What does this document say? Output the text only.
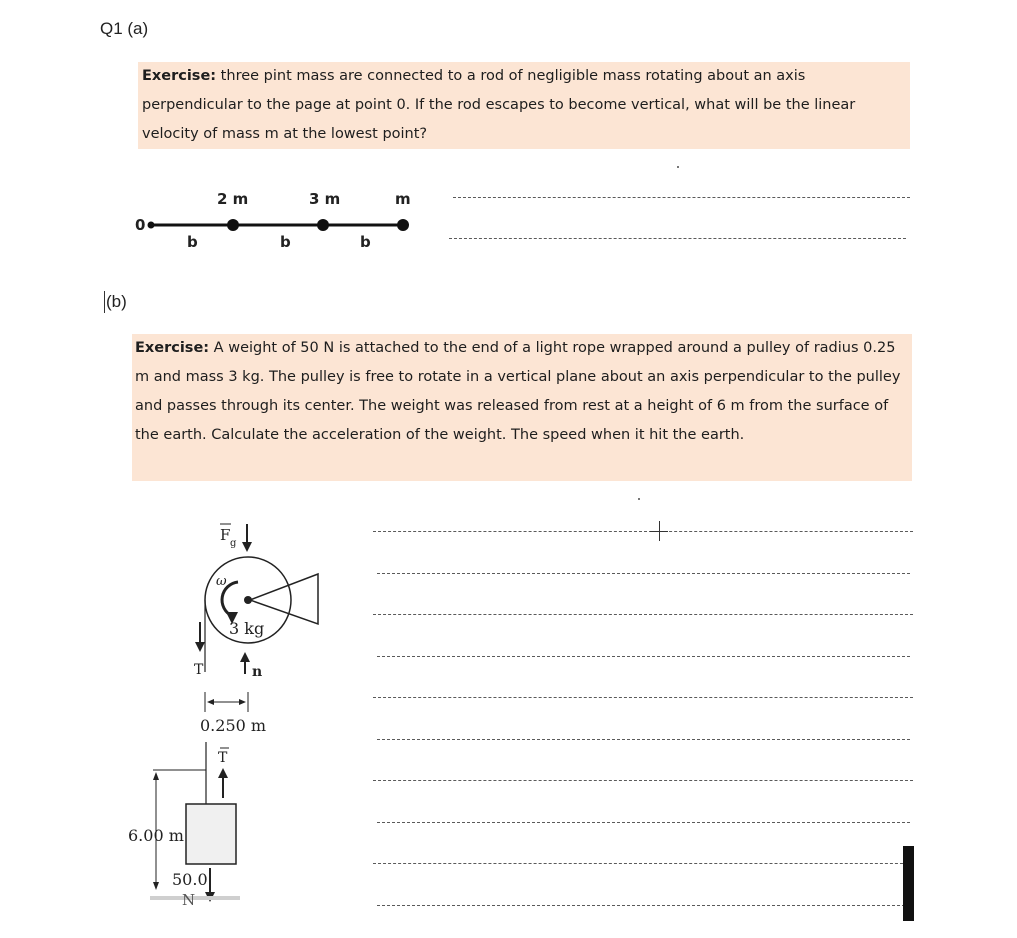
Q1 (a)
Exercise: three pint mass are connected to a rod of negligible mass rotating about an axis perpendicular to the page at point 0. If the rod escapes to become vertical, what will be the linear velocity of mass m at the lowest point?
0
2 m	3 m	m
b	b	b
(b)
Exercise: A weight of 50 N is attached to the end of a light rope wrapped around a pulley of radius 0.25 m and mass 3 kg. The pulley is free to rotate in a vertical plane about an axis perpendicular to the pulley and passes through its center. The weight was released from rest at a height of 6 m from the surface of the earth. Calculate the acceleration of the weight. The speed when it hit the earth.
F g
ω
3 kg
T	n
0.250 m
T
6.00 m
50.0
N
